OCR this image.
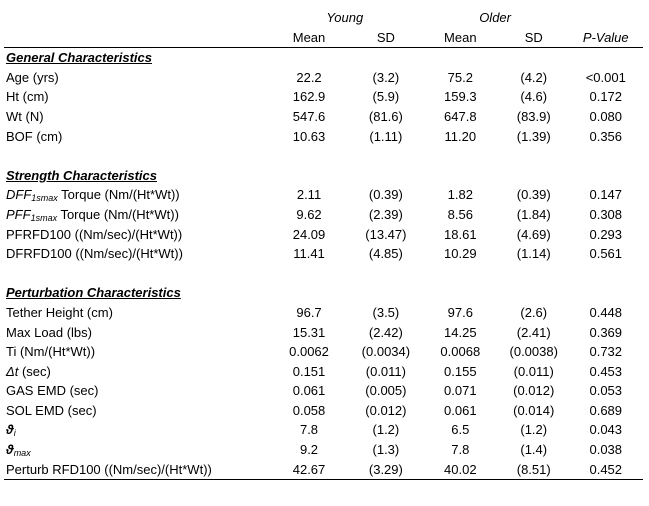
	Young		Older		
	Mean	SD	Mean	SD	P-Value
General Characteristics					
Age (yrs)	22.2	(3.2)	75.2	(4.2)	<0.001
Ht (cm)	162.9	(5.9)	159.3	(4.6)	0.172
Wt (N)	547.6	(81.6)	647.8	(83.9)	0.080
BOF (cm)	10.63	(1.11)	11.20	(1.39)	0.356

Strength Characteristics					
$DFF_{1smax}$ Torque (Nm/(Ht*Wt))	2.11	(0.39)	1.82	(0.39)	0.147
$PFF_{1smax}$ Torque (Nm/(Ht*Wt))	9.62	(2.39)	8.56	(1.84)	0.308
PFRFD100 ((Nm/sec)/(Ht*Wt))	24.09	(13.47)	18.61	(4.69)	0.293
DFRFD100 ((Nm/sec)/(Ht*Wt))	11.41	(4.85)	10.29	(1.14)	0.561

Perturbation Characteristics					
Tether Height (cm)	96.7	(3.5)	97.6	(2.6)	0.448
Max Load (lbs)	15.31	(2.42)	14.25	(2.41)	0.369
Ti (Nm/(Ht*Wt))	0.0062	(0.0034)	0.0068	(0.0038)	0.732
Δt (sec)	0.151	(0.011)	0.155	(0.011)	0.453
GAS EMD (sec)	0.061	(0.005)	0.071	(0.012)	0.053
SOL EMD (sec)	0.058	(0.012)	0.061	(0.014)	0.689
$ϑ_i$	7.8	(1.2)	6.5	(1.2)	0.043
$ϑ_{max}$	9.2	(1.3)	7.8	(1.4)	0.038
Perturb RFD100 ((Nm/sec)/(Ht*Wt))	42.67	(3.29)	40.02	(8.51)	0.452
